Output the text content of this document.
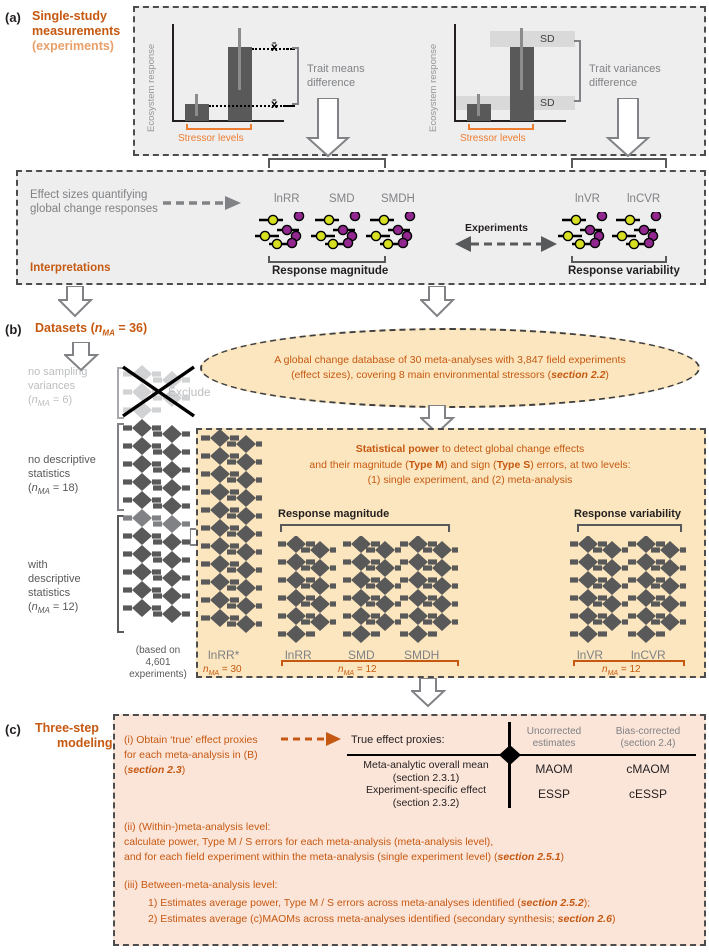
(a) Single-study
measurements
(experiments)	Ecosystem response	x̄
x̄
Trait means
difference
Stressor levels
Ecosystem response
SD
SD
Trait variances
difference
Stressor levels
Effect sizes quantifying
global change responses
Interpretations
lnRR	SMD SMDH	lnVR lnCVR
Experiments
Response magnitude	Response variability
(b) Datasets $(n_{MA} = 36)$
no sampling
variances
$(n_{MA} = 6)$
no descriptive
statistics
$(n_{MA} = 18)$
with
descriptive
statistics
$(n_{MA} = 12)$
Exclude
(based on
4,601
experiments)
A global change database of 30 meta-analyses with 3,847 field experiments
(effect sizes), covering 8 main environmental stressors (section 2.2)
Statistical power to detect global change effects
and their magnitude (Type M) and sign (Type S) errors, at two levels:
(1) single experiment, and (2) meta-analysis
Response magnitude	Response variability
lnRR*	lnRR	SMD SMDH	lnVR lnCVR
$n_{MA} = 30$	$n_{MA} = 12$	$n_{MA} = 12$
(c) Three-step
modeling	(i) Obtain ‘true’ effect proxies
for each meta-analysis in (B)
(section 2.3)
True effect proxies:
Uncorrected
estimates
Bias-corrected
(section 2.4)
Meta-analytic overall mean
(section 2.3.1)
MAOM	cMAOM
Experiment-specific effect
(section 2.3.2)
ESSP	cESSP
(ii) (Within-)meta-analysis level:
calculate power, Type M / S errors for each meta-analysis (meta-analysis level),
and for each field experiment within the meta-analysis (single experiment level) (section 2.5.1)
(iii) Between-meta-analysis level:
1) Estimates average power, Type M / S errors across meta-analyses identified (section 2.5.2);
2) Estimates average (c)MAOMs across meta-analyses identified (secondary synthesis; section 2.6)
